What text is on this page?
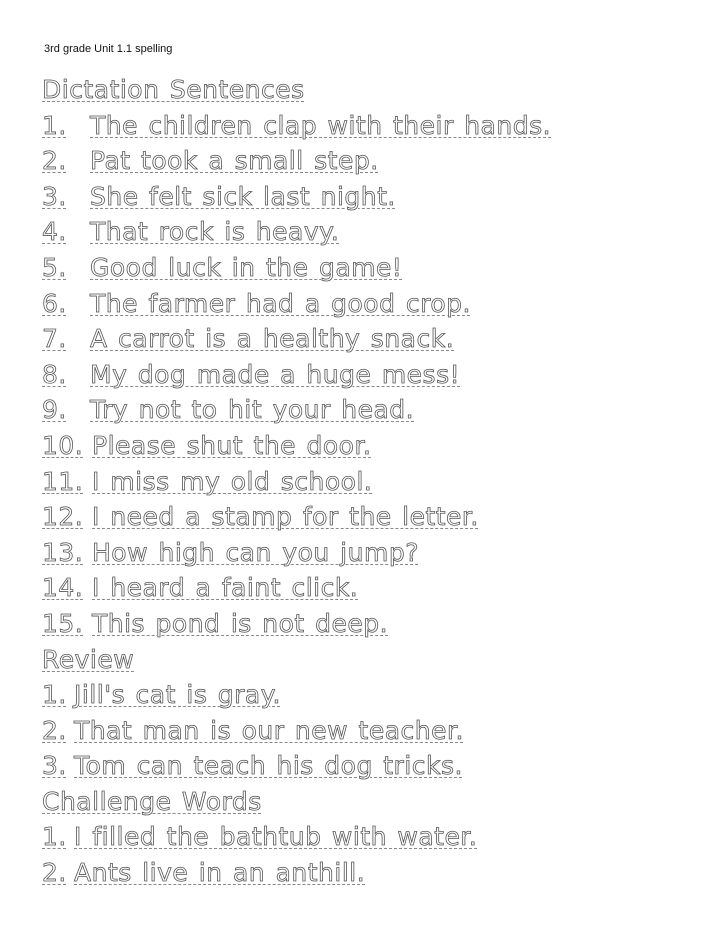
3rd grade Unit 1.1 spelling
Dictation Sentences
1. The children clap with their hands.
2. Pat took a small step.
3. She felt sick last night.
4. That rock is heavy.
5. Good luck in the game!
6. The farmer had a good crop.
7. A carrot is a healthy snack.
8. My dog made a huge mess!
9. Try not to hit your head.
10. Please shut the door.
11. I miss my old school.
12. I need a stamp for the letter.
13. How high can you jump?
14. I heard a faint click.
15. This pond is not deep.
Review
1. Jill's cat is gray.
2. That man is our new teacher.
3. Tom can teach his dog tricks.
Challenge Words
1. I filled the bathtub with water.
2. Ants live in an anthill.
